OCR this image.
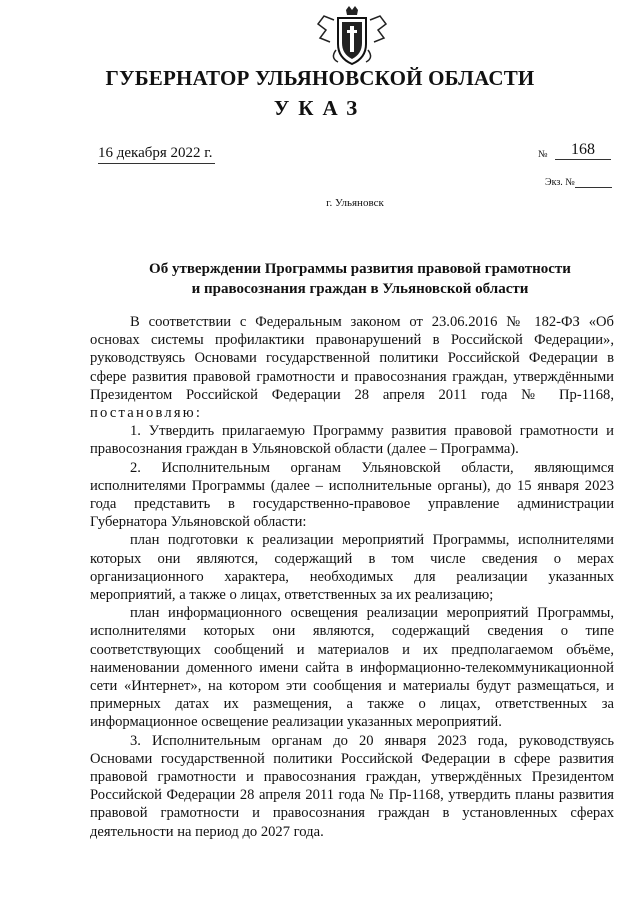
ГУБЕРНАТОР УЛЬЯНОВСКОЙ ОБЛАСТИ
УКАЗ
16 декабря 2022 г.	№	168
Экз. №
г. Ульяновск
Об утверждении Программы развития правовой грамотности
и правосознания граждан в Ульяновской области

В соответствии с Федеральным законом от 23.06.2016 № 182-ФЗ «Об основах системы профилактики правонарушений в Российской Федерации», руководствуясь Основами государственной политики Российской Федерации в сфере развития правовой грамотности и правосознания граждан, утверждёнными Президентом Российской Федерации 28 апреля 2011 года № Пр-1168, постановляю:

1. Утвердить прилагаемую Программу развития правовой грамотности и правосознания граждан в Ульяновской области (далее – Программа).

2. Исполнительным органам Ульяновской области, являющимся исполнителями Программы (далее – исполнительные органы), до 15 января 2023 года представить в государственно-правовое управление администрации Губернатора Ульяновской области:

план подготовки к реализации мероприятий Программы, исполнителями которых они являются, содержащий в том числе сведения о мерах организационного характера, необходимых для реализации указанных мероприятий, а также о лицах, ответственных за их реализацию;

план информационного освещения реализации мероприятий Программы, исполнителями которых они являются, содержащий сведения о типе соответствующих сообщений и материалов и их предполагаемом объёме, наименовании доменного имени сайта в информационно-телекоммуникационной сети «Интернет», на котором эти сообщения и материалы будут размещаться, и примерных датах их размещения, а также о лицах, ответственных за информационное освещение реализации указанных мероприятий.

3. Исполнительным органам до 20 января 2023 года, руководствуясь Основами государственной политики Российской Федерации в сфере развития правовой грамотности и правосознания граждан, утверждённых Президентом Российской Федерации 28 апреля 2011 года № Пр-1168, утвердить планы развития правовой грамотности и правосознания граждан в установленных сферах деятельности на период до 2027 года.
